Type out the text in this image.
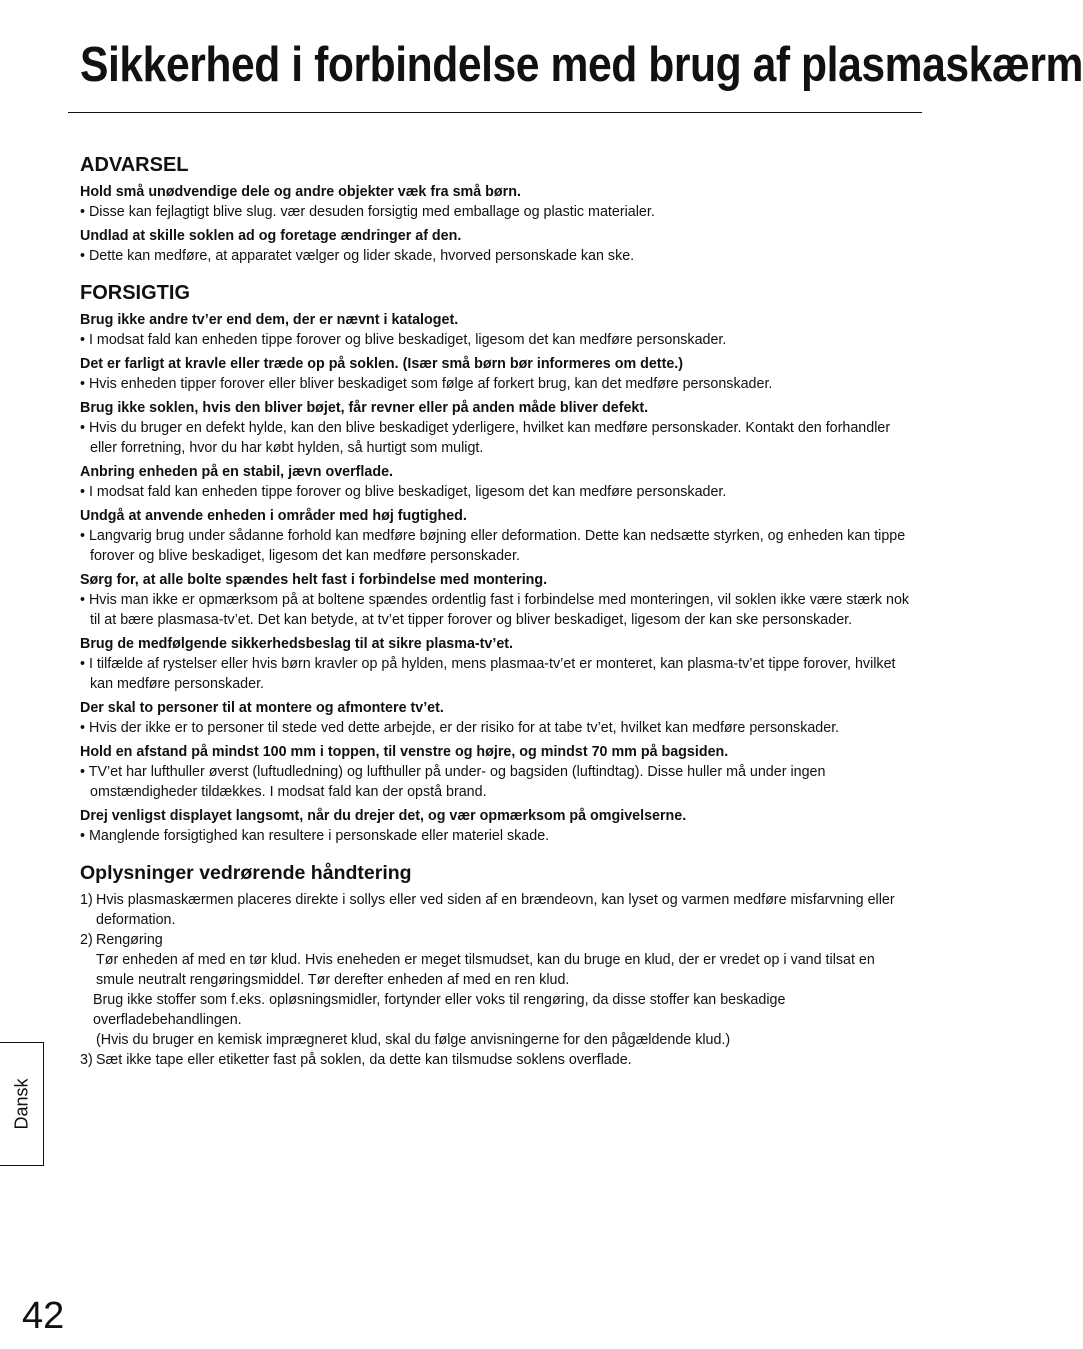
Sikkerhed i forbindelse med brug af plasmaskærm
ADVARSEL

Hold små unødvendige dele og andre objekter væk fra små børn.

• Disse kan fejlagtigt blive slug. vær desuden forsigtig med emballage og plastic materialer.

Undlad at skille soklen ad og foretage ændringer af den.

• Dette kan medføre, at apparatet vælger og lider skade, hvorved personskade kan ske.

FORSIGTIG

Brug ikke andre tv’er end dem, der er nævnt i kataloget.

• I modsat fald kan enheden tippe forover og blive beskadiget, ligesom det kan medføre personskader.

Det er farligt at kravle eller træde op på soklen. (Især små børn bør informeres om dette.)

• Hvis enheden tipper forover eller bliver beskadiget som følge af forkert brug, kan det medføre personskader.

Brug ikke soklen, hvis den bliver bøjet, får revner eller på anden måde bliver defekt.

• Hvis du bruger en defekt hylde, kan den blive beskadiget yderligere, hvilket kan medføre personskader. Kontakt den forhandler eller forretning, hvor du har købt hylden, så hurtigt som muligt.

Anbring enheden på en stabil, jævn overflade.

• I modsat fald kan enheden tippe forover og blive beskadiget, ligesom det kan medføre personskader.

Undgå at anvende enheden i områder med høj fugtighed.

• Langvarig brug under sådanne forhold kan medføre bøjning eller deformation. Dette kan nedsætte styrken, og enheden kan tippe forover og blive beskadiget, ligesom det kan medføre personskader.

Sørg for, at alle bolte spændes helt fast i forbindelse med montering.

• Hvis man ikke er opmærksom på at boltene spændes ordentlig fast i forbindelse med monteringen, vil soklen ikke være stærk nok til at bære plasmasa-tv’et. Det kan betyde, at tv’et tipper forover og bliver beskadiget, ligesom der kan ske personskader.

Brug de medfølgende sikkerhedsbeslag til at sikre plasma-tv’et.

• I tilfælde af rystelser eller hvis børn kravler op på hylden, mens plasmaa-tv’et er monteret, kan plasma-tv’et tippe forover, hvilket kan medføre personskader.

Der skal to personer til at montere og afmontere tv’et.

• Hvis der ikke er to personer til stede ved dette arbejde, er der risiko for at tabe tv’et, hvilket kan medføre personskader.

Hold en afstand på mindst 100 mm i toppen, til venstre og højre, og mindst 70 mm på bagsiden.

• TV’et har lufthuller øverst (luftudledning) og lufthuller på under- og bagsiden (luftindtag). Disse huller må under ingen omstændigheder tildækkes. I modsat fald kan der opstå brand.

Drej venligst displayet langsomt, når du drejer det, og vær opmærksom på omgivelserne.

• Manglende forsigtighed kan resultere i personskade eller materiel skade.

Oplysninger vedrørende håndtering

1) Hvis plasmaskærmen placeres direkte i sollys eller ved siden af en brændeovn, kan lyset og varmen medføre misfarvning eller deformation.

2) Rengøring

Tør enheden af med en tør klud. Hvis eneheden er meget tilsmudset, kan du bruge en klud, der er vredet op i vand tilsat en smule neutralt rengøringsmiddel. Tør derefter enheden af med en ren klud.

Brug ikke stoffer som f.eks. opløsningsmidler, fortynder eller voks til rengøring, da disse stoffer kan beskadige overfladebehandlingen.

(Hvis du bruger en kemisk imprægneret klud, skal du følge anvisningerne for den pågældende klud.)

3) Sæt ikke tape eller etiketter fast på soklen, da dette kan tilsmudse soklens overflade.

Dansk
42
